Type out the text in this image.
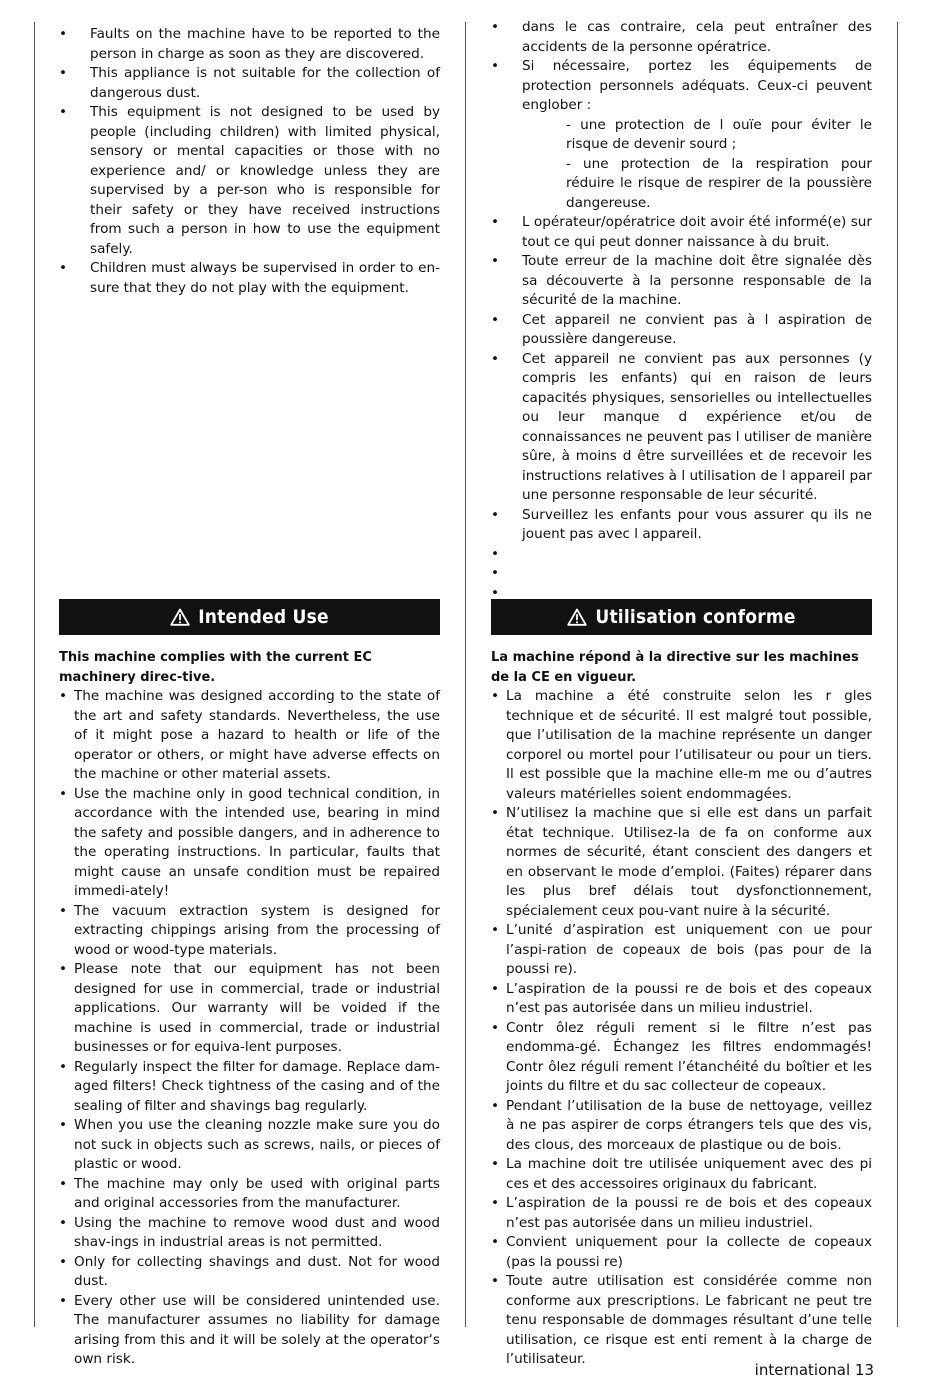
• Faults on the machine have to be reported to the person in charge as soon as they are discovered.
• This appliance is not suitable for the collection of dangerous dust.
• This equipment is not designed to be used by people (including children) with limited physical, sensory or mental capacities or those with no experience and/ or knowledge unless they are supervised by a per-son who is responsible for their safety or they have received instructions from such a person in how to use the equipment safely.
• Children must always be supervised in order to en-sure that they do not play with the equipment.
• dans le cas contraire, cela peut entraîner des accidents de la personne opératrice.
• Si nécessaire, portez les équipements de protection personnels adéquats. Ceux-ci peuvent englober :
- une protection de l ouïe pour éviter le risque de devenir sourd ;
- une protection de la respiration pour réduire le risque de respirer de la poussière dangereuse.
• L opérateur/opératrice doit avoir été informé(e) sur tout ce qui peut donner naissance à du bruit.
• Toute erreur de la machine doit être signalée dès sa découverte à la personne responsable de la sécurité de la machine.
• Cet appareil ne convient pas à l aspiration de poussière dangereuse.
• Cet appareil ne convient pas aux personnes (y compris les enfants) qui en raison de leurs capacités physiques, sensorielles ou intellectuelles ou leur manque d expérience et/ou de connaissances ne peuvent pas l utiliser de manière sûre, à moins d être surveillées et de recevoir les instructions relatives à l utilisation de l appareil par une personne responsable de leur sécurité.
• Surveillez les enfants pour vous assurer qu ils ne jouent pas avec l appareil.
•
•
•
Intended Use
This machine complies with the current EC machinery direc-tive.
• The machine was designed according to the state of the art and safety standards. Nevertheless, the use of it might pose a hazard to health or life of the operator or others, or might have adverse effects on the machine or other material assets.
• Use the machine only in good technical condition, in accordance with the intended use, bearing in mind the safety and possible dangers, and in adherence to the operating instructions. In particular, faults that might cause an unsafe condition must be repaired immedi-ately!
• The vacuum extraction system is designed for extracting chippings arising from the processing of wood or wood-type materials.
• Please note that our equipment has not been designed for use in commercial, trade or industrial applications. Our warranty will be voided if the machine is used in commercial, trade or industrial businesses or for equiva-lent purposes.
• Regularly inspect the filter for damage. Replace dam-aged filters! Check tightness of the casing and of the sealing of filter and shavings bag regularly.
• When you use the cleaning nozzle make sure you do not suck in objects such as screws, nails, or pieces of plastic or wood.
• The machine may only be used with original parts and original accessories from the manufacturer.
• Using the machine to remove wood dust and wood shav-ings in industrial areas is not permitted.
• Only for collecting shavings and dust. Not for wood dust.
• Every other use will be considered unintended use. The manufacturer assumes no liability for damage arising from this and it will be solely at the operator‘s own risk.
Utilisation conforme
La machine répond à la directive sur les machines de la CE en vigueur.
• La machine a été construite selon les r gles technique et de sécurité. Il est malgré tout possible, que l’utilisation de la machine représente un danger corporel ou mortel pour l’utilisateur ou pour un tiers. Il est possible que la machine elle-m me ou d’autres valeurs matérielles soient endommagées.
• N’utilisez la machine que si elle est dans un parfait état technique. Utilisez-la de fa on conforme aux normes de sécurité, étant conscient des dangers et en observant le mode d’emploi. (Faites) réparer dans les plus bref délais tout dysfonctionnement, spécialement ceux pou-vant nuire à la sécurité.
• L’unité d’aspiration est uniquement con ue pour l’aspi-ration de copeaux de bois (pas pour de la poussi re).
• L’aspiration de la poussi re de bois et des copeaux n’est pas autorisée dans un milieu industriel.
• Contr ôlez réguli rement si le filtre n’est pas endomma-gé. Échangez les filtres endommagés! Contr ôlez réguli rement l’étanchéité du boîtier et les joints du filtre et du sac collecteur de copeaux.
• Pendant l’utilisation de la buse de nettoyage, veillez à ne pas aspirer de corps étrangers tels que des vis, des clous, des morceaux de plastique ou de bois.
• La machine doit tre utilisée uniquement avec des pi ces et des accessoires originaux du fabricant.
• L’aspiration de la poussi re de bois et des copeaux n’est pas autorisée dans un milieu industriel.
• Convient uniquement pour la collecte de copeaux (pas la poussi re)
• Toute autre utilisation est considérée comme non conforme aux prescriptions. Le fabricant ne peut tre tenu responsable de dommages résultant d’une telle utilisation, ce risque est enti rement à la charge de l’utilisateur.
international 13
